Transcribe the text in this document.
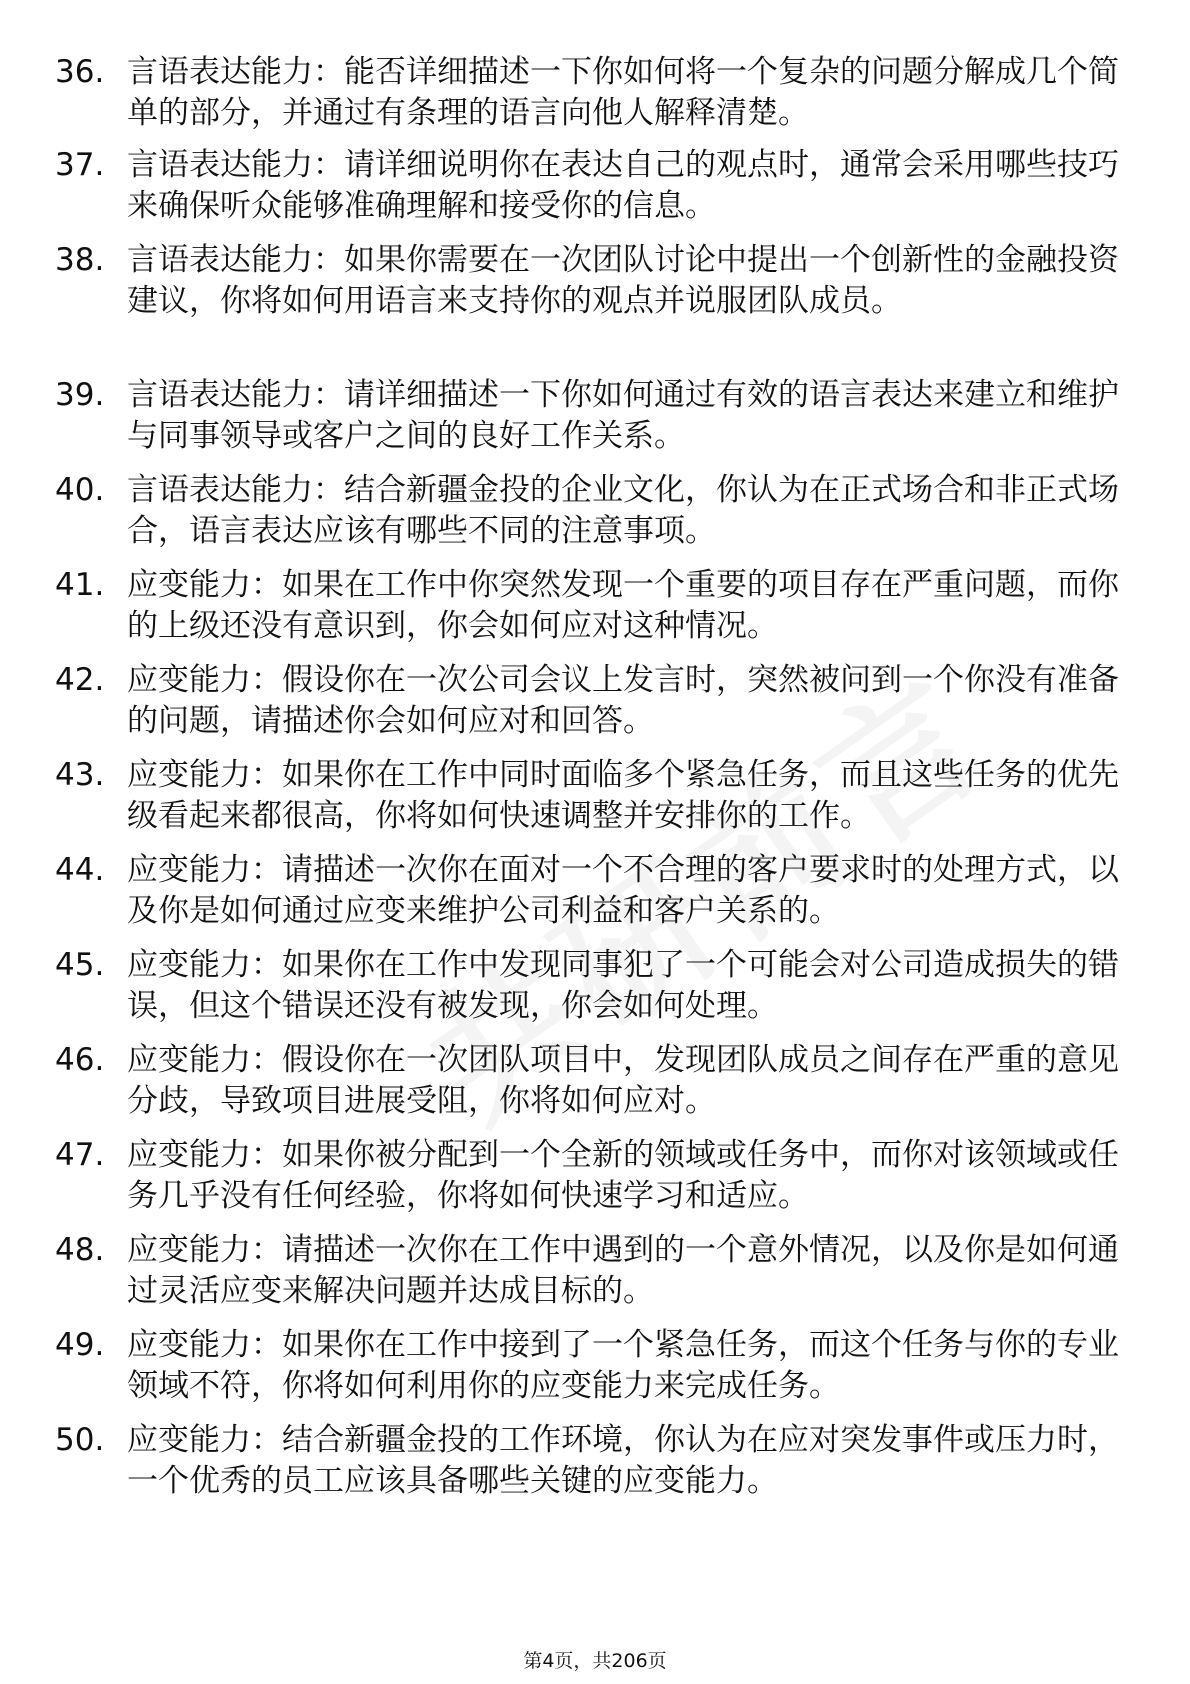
36. 言语表达能力：能否详细描述一下你如何将一个复杂的问题分解成几个简单的部分，并通过有条理的语言向他人解释清楚。
37. 言语表达能力：请详细说明你在表达自己的观点时，通常会采用哪些技巧来确保听众能够准确理解和接受你的信息。
38. 言语表达能力：如果你需要在一次团队讨论中提出一个创新性的金融投资建议，你将如何用语言来支持你的观点并说服团队成员。
39. 言语表达能力：请详细描述一下你如何通过有效的语言表达来建立和维护与同事领导或客户之间的良好工作关系。
40. 言语表达能力：结合新疆金投的企业文化，你认为在正式场合和非正式场合，语言表达应该有哪些不同的注意事项。
41. 应变能力：如果在工作中你突然发现一个重要的项目存在严重问题，而你的上级还没有意识到，你会如何应对这种情况。
42. 应变能力：假设你在一次公司会议上发言时，突然被问到一个你没有准备的问题，请描述你会如何应对和回答。
43. 应变能力：如果你在工作中同时面临多个紧急任务，而且这些任务的优先级看起来都很高，你将如何快速调整并安排你的工作。
44. 应变能力：请描述一次你在面对一个不合理的客户要求时的处理方式，以及你是如何通过应变来维护公司利益和客户关系的。
45. 应变能力：如果你在工作中发现同事犯了一个可能会对公司造成损失的错误，但这个错误还没有被发现，你会如何处理。
46. 应变能力：假设你在一次团队项目中，发现团队成员之间存在严重的意见分歧，导致项目进展受阻，你将如何应对。
47. 应变能力：如果你被分配到一个全新的领域或任务中，而你对该领域或任务几乎没有任何经验，你将如何快速学习和适应。
48. 应变能力：请描述一次你在工作中遇到的一个意外情况，以及你是如何通过灵活应变来解决问题并达成目标的。
49. 应变能力：如果你在工作中接到了一个紧急任务，而这个任务与你的专业领域不符，你将如何利用你的应变能力来完成任务。
50. 应变能力：结合新疆金投的工作环境，你认为在应对突发事件或压力时，一个优秀的员工应该具备哪些关键的应变能力。
第4页，共206页
